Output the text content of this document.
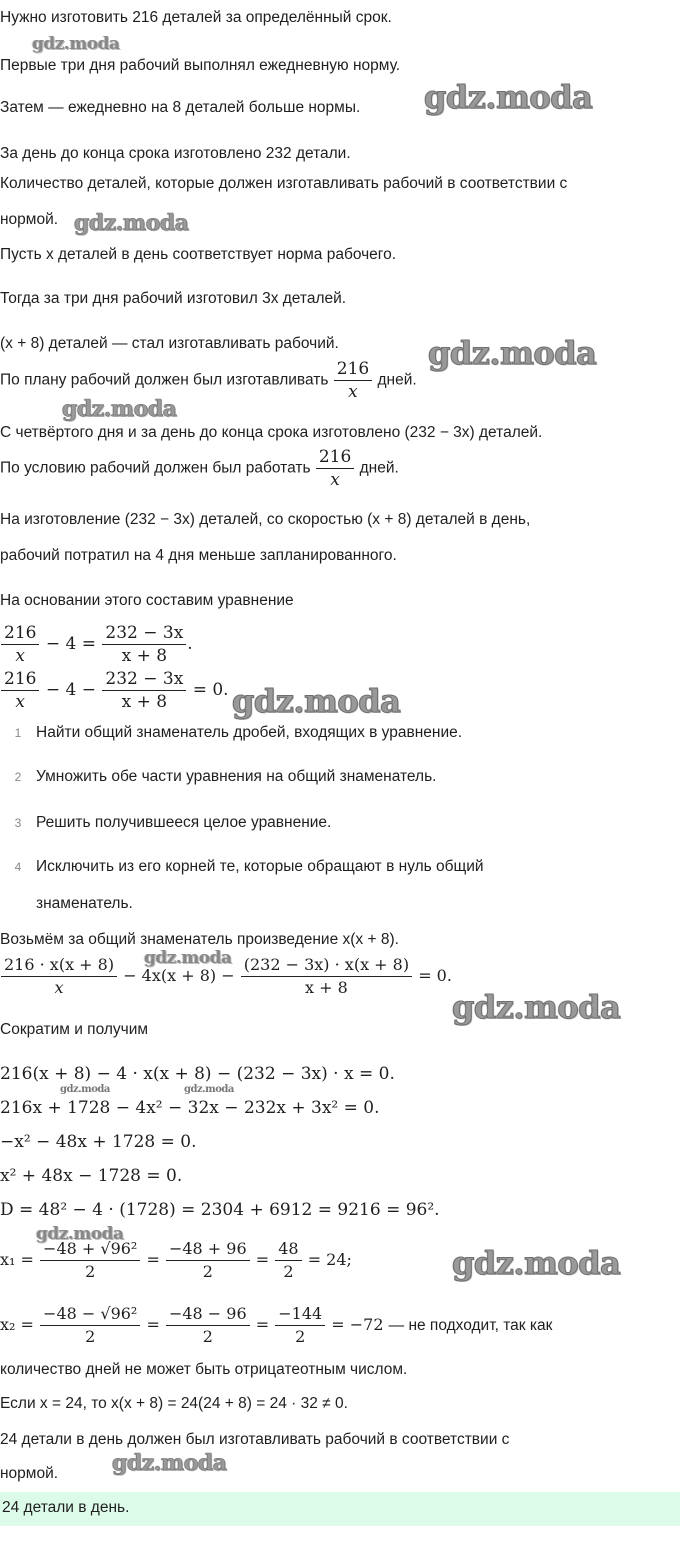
Нужно изготовить 216 деталей за определённый срок.
Первые три дня рабочий выполнял ежедневную норму.
Затем — ежедневно на 8 деталей больше нормы.
За день до конца срока изготовлено 232 детали.
Количество деталей, которые должен изготавливать рабочий в соответствии с
нормой.
Пусть x деталей в день соответствует норма рабочего.
Тогда за три дня рабочий изготовил 3x деталей.
(x + 8) деталей — стал изготавливать рабочий.
По плану рабочий должен был изготавливать $\frac{216}{x}$ дней.
С четвёртого дня и за день до конца срока изготовлено (232 − 3x) деталей.
По условию рабочий должен был работать $\frac{216}{x}$ дней.
На изготовление (232 − 3x) деталей, со скоростью (x + 8) деталей в день,
рабочий потратил на 4 дня меньше запланированного.
На основании этого составим уравнение
$\frac{216}{x} - 4 = \frac{232 - 3x}{x + 8}$ .
$\frac{216}{x} - 4 - \frac{232 - 3x}{x + 8} = 0$.
1 Найти общий знаменатель дробей, входящих в уравнение.
2 Умножить обе части уравнения на общий знаменатель.
3 Решить получившееся целое уравнение.
4 Исключить из его корней те, которые обращают в нуль общий
знаменатель.
Возьмём за общий знаменатель произведение x(x + 8).
$\frac{216 \cdot x(x + 8)}{x} - 4x(x + 8) - \frac{(232 - 3x) \cdot x(x + 8)}{x + 8} = 0$.
Сократим и получим
216(x + 8) − 4 · x(x + 8) − (232 − 3x) · x = 0.
216x + 1728 − 4x² − 32x − 232x + 3x² = 0.
−x² − 48x + 1728 = 0.
x² + 48x − 1728 = 0.
D = 48² − 4 · (1728) = 2304 + 6912 = 9216 = 96².
$x_1 = \frac{\text{−48 + √96²}}{2} = \frac{-48 + 96}{2} = \frac{48}{2} = 24$;
$x_2 = \frac{\text{−48 − √96²}}{2} = \frac{-48 - 96}{2} = \frac{-144}{2} = -72$ — не подходит, так как
количество дней не может быть отрицатеотным числом.
Если x = 24, то x(x + 8) = 24(24 + 8) = 24 · 32 ≠ 0.
24 детали в день должен был изготавливать рабочий в соответствии с
нормой.
24 детали в день.
gdz.moda
gdz.moda
gdz.moda
gdz.moda
gdz.moda
gdz.moda
gdz.moda
gdz.moda
gdz.moda	gdz.moda
gdz.moda
gdz.moda
gdz.moda
